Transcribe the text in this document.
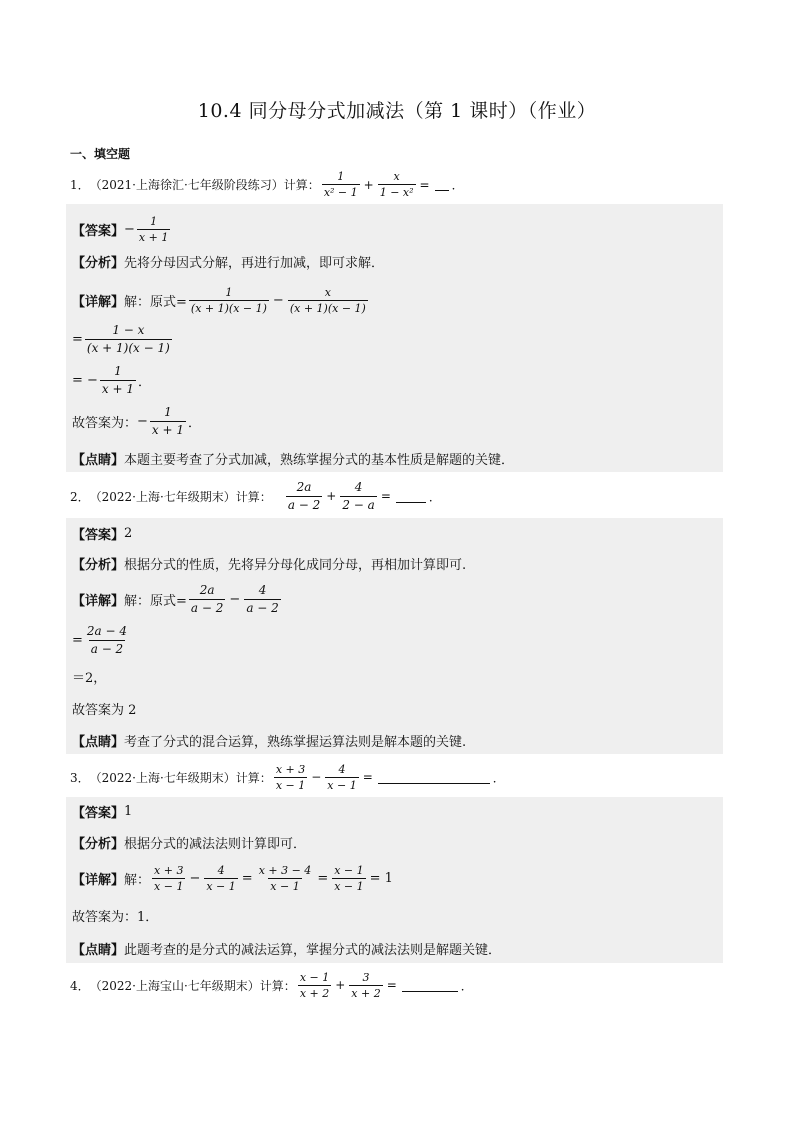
10.4 同分母分式加减法（第 1 课时）（作业）
一、填空题
1． （2021·上海徐汇·七年级阶段练习）计算： $\frac{1}{\text{x² − 1}} + \frac{x}{\text{1 − x²}}$ = ．
【答案】 − $\frac{1}{x + 1}$
【分析】 先将分母因式分解，再进行加减，即可求解．
【详解】 解：原式= $\frac{1}{(x + 1)(x - 1)} - \frac{x}{(x + 1)(x - 1)}$
= $\frac{1 - x}{(x + 1)(x - 1)}$
= − $\frac{1}{x + 1}$ ．
故答案为： − $\frac{1}{x + 1}$ ．
【点睛】 本题主要考查了分式加减，熟练掌握分式的基本性质是解题的关键．
2． （2022·上海·七年级期末）计算： $\frac{2a}{a - 2} + \frac{4}{2 - a}$ =	．
【答案】 2
【分析】 根据分式的性质，先将异分母化成同分母，再相加计算即可.
【详解】 解：原式= $\frac{2a}{a - 2} - \frac{4}{a - 2}$
= $\frac{2a - 4}{a - 2}$
＝2，
故答案为 2
【点睛】 考查了分式的混合运算，熟练掌握运算法则是解本题的关键.
3． （2022·上海·七年级期末）计算： $\frac{x + 3}{x - 1} - \frac{4}{x - 1}$ =	．
【答案】 1
【分析】 根据分式的减法法则计算即可．
【详解】 解： $\frac{x + 3}{x - 1} - \frac{4}{x - 1} = \frac{x + 3 - 4}{x - 1} = \frac{x - 1}{x - 1} = 1$
故答案为：1．
【点睛】 此题考查的是分式的减法运算，掌握分式的减法法则是解题关键．
4． （2022·上海宝山·七年级期末）计算： $\frac{x - 1}{x + 2} + \frac{3}{x + 2}$ =	．
